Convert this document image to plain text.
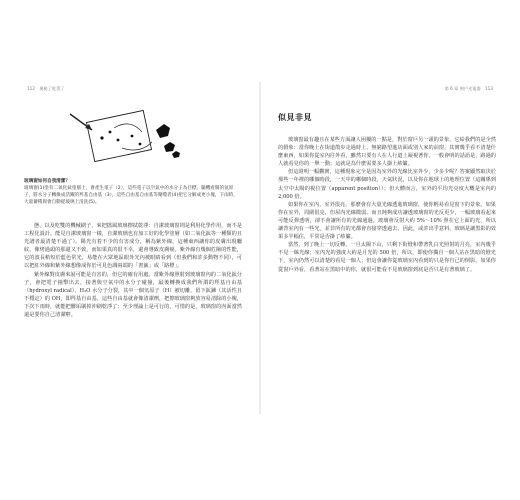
112 奧秘了吃蛋了
玻璃窗如何自我清潔？
玻璃窗(1)塗有二氧化鈦塗層上，會產生電子（2），這些電子以空氣中的水分子為目標，隨機看開的氫原子，將水分子轉換成活躍的羥基自由基（3），這些自由基自由基等聚噬者(4)把它分解成更小塊，下雨時，大量蓄積與會自動從玻璃上清洗(5)。

態，以及吃雙的機械刷子，來把擋風玻璃擦拭乾淨：自潔玻璃窗則是利用化學作用，而不是工程化設計。能見自潔玻璃窗一樣，自潔玻璃也有加工好的化學塗層（如二氧化鈦等一種類的且光譜者最清楚不過了）。陽光有着不少的有害成分，稱為紫外線，這種東西讓你的皮膚出現曬紋，像烤過頭的那還又不致，而如果真的很不幸，還會導致皮膚癌。紫外線有幾個危險的性能，它的波長稍短於藍色常光，易能在大眾地區眼外光內被眼睛看到（但我們和許多動物不同），可以把紅外線和紫外線想像成你於可見色調兩端的「書籤」或「路標」。

紫外線對皮膚來說可能是有害的，但它的確有用處。當紫外線照射到玻璃窗內的二氧化鈦分子，會把電子撞擊出去，接著與空氣中的水分子碰撞，最後轉換成我們所謂的羥基自由基（hydroxyl radical），H₂O 水分子分裂，其中一個氫原子（H）被切離，留下鈦鍊（其活性且不穩定）的 OH，即羥基自由基，這些自由基就會像清潔劑，把擦玻璃窗夠放容易清除的小塊，下次下雨時，就能把髒垢刷掉沖刷乾淨了；至少理論上是可行的，可惜的是，玻璃窗的內面當然還是要你自己清潔啦。

第 6 章 窗戶光電器 113
似見非見

玻璃窗最有趣且在某些方面讓人困擾的一點是，對於窗戶另一頭的景象，它給我們的是全然的假象：當你晚上在街道散步走過時上，無窮路望進店面或別人家的前窗，其實幾乎看不清楚什麼東西，如果你從室內往外看，雖然只要有人在人行道上凝視著你，一般會明的話語是，路過的人就看見你的一舉一動；這就是為什麼需要多人掛上紗簾。

但這證明一幅觀實，這種現象完全是因為室外的光線比室外少，少多少呢？答案顯然取決於那些一年裡的哪個時段，一天中的哪個時段，天氣狀況，以及你在地球上的地理位置（這關係到太空中太陽的視位置（apparent position））；但大體而言，室外的平均光亮度大概是室內的 2,000 倍。

如果你在室內，室外很亮，那麼會有大量光線透進玻璃窗，使你輕易看見窗下的景象。如果你在室外，周圍很亮，但屋內光線微弱，而且鈍夠成功讓透玻璃窗的光反更少，一幅玻璃看起來可能反彈透明，卻不會讓所有的光線通過。玻璃會反射大約 5%～10% 照在它上面的光，所以讓背室內有一些光，並非所有的光都會直接穿透過去，因此，或許出乎意料，玻璃是讓黑影的效果多半幅住，平常是否掛了紗簾。

當然，到了晚上一切反轉，一旦太陽下山，只剩下街燈和帶著乳白光照射的月亮，室內幾乎不見一絲光線；室內光的強度大約是月光的 500 倍，所以，即使你獨自一個人站在黑暗的燈光下，室內仍然可以清楚的看見一個人；但這會讓你從玻璃室內看到的只是你自己的倒影。如果你從窗戶外看，看著站在黑暗中的你，就很可能看不見玻璃窗到底是否只是有著玻璃了。
